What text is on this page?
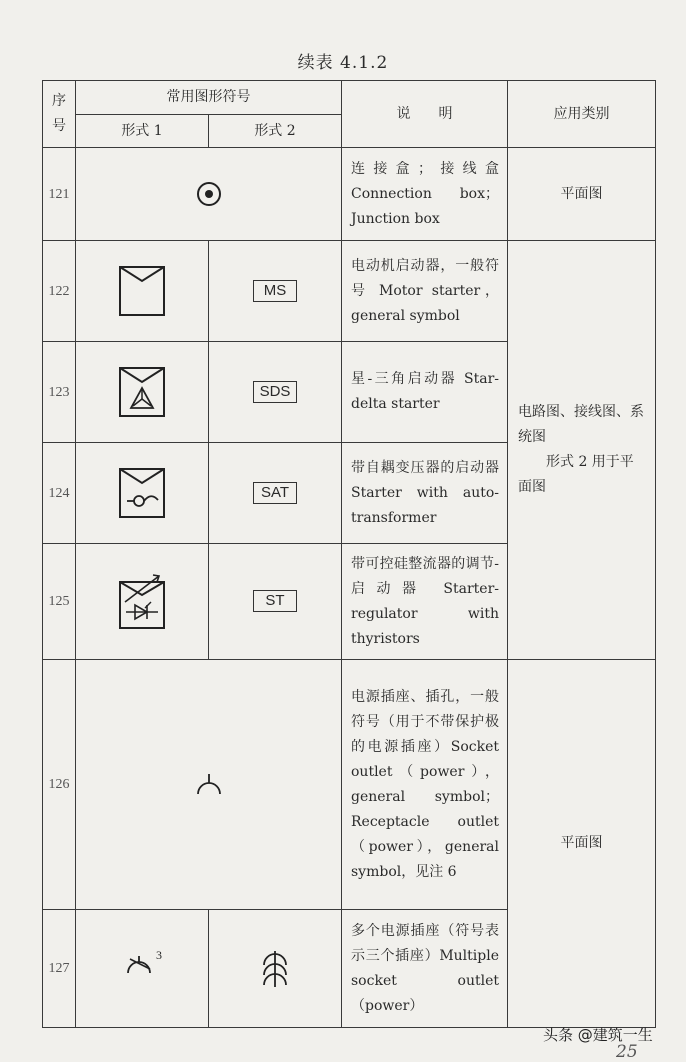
续表 4.1.2
序
号	常用图形符号		说　　明	应用类别
	形式 1	形式 2		
121			连接盒；接线盒 Connection box；Junction box	平面图
122		MS	电动机启动器，一般符号 Motor starter，general symbol	电路图、接线图、系统图
形式 2 用于平面图

123		SDS	星-三角启动器 Star-delta starter	
124		SAT	带自耦变压器的启动器 Starter with auto-transformer	
125		ST	带可控硅整流器的调节-启动器 Starter-regulator with thyristors	
126			电源插座、插孔，一般符号（用于不带保护极的电源插座）Socket outlet（power），general symbol；Receptacle outlet（power），general symbol，见注 6	平面图
127	3		多个电源插座（符号表示三个插座）Multiple socket outlet（power）	
头条 @建筑一生
25
